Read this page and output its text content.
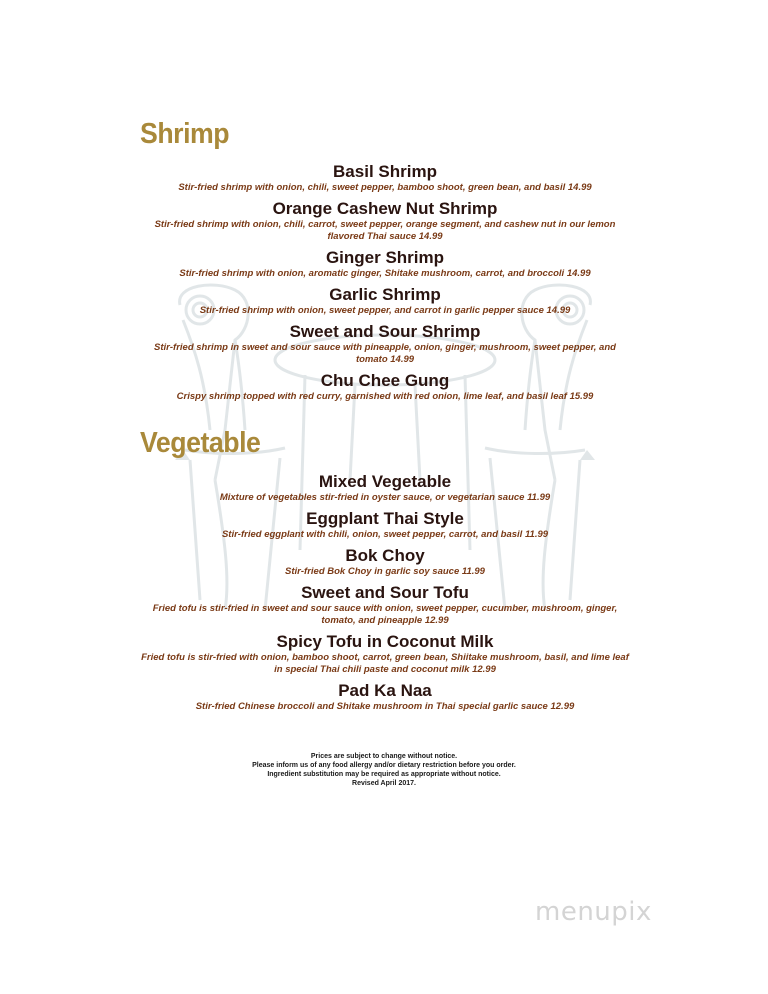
Shrimp
Basil Shrimp
Stir-fried shrimp with onion, chili, sweet pepper, bamboo shoot, green bean, and basil 14.99
Orange Cashew Nut Shrimp
Stir-fried shrimp with onion, chili, carrot, sweet pepper, orange segment, and cashew nut in our lemon flavored Thai sauce 14.99
Ginger Shrimp
Stir-fried shrimp with onion, aromatic ginger, Shitake mushroom, carrot, and broccoli 14.99
Garlic Shrimp
Stir-fried shrimp with onion, sweet pepper, and carrot in garlic pepper sauce 14.99
Sweet and Sour Shrimp
Stir-fried shrimp in sweet and sour sauce with pineapple, onion, ginger, mushroom, sweet pepper, and tomato 14.99
Chu Chee Gung
Crispy shrimp topped with red curry, garnished with red onion, lime leaf, and basil leaf 15.99
Vegetable
Mixed Vegetable
Mixture of vegetables stir-fried in oyster sauce, or vegetarian sauce 11.99
Eggplant Thai Style
Stir-fried eggplant with chili, onion, sweet pepper, carrot, and basil 11.99
Bok Choy
Stir-fried Bok Choy in garlic soy sauce 11.99
Sweet and Sour Tofu
Fried tofu is stir-fried in sweet and sour sauce with onion, sweet pepper, cucumber, mushroom, ginger, tomato, and pineapple 12.99
Spicy Tofu in Coconut Milk
Fried tofu is stir-fried with onion, bamboo shoot, carrot, green bean, Shiitake mushroom, basil, and lime leaf in special Thai chili paste and coconut milk 12.99
Pad Ka Naa
Stir-fried Chinese broccoli and Shitake mushroom in Thai special garlic sauce 12.99
Prices are subject to change without notice.
Please inform us of any food allergy and/or dietary restriction before you order.
Ingredient substitution may be required as appropriate without notice.
Revised April 2017.
menupix
